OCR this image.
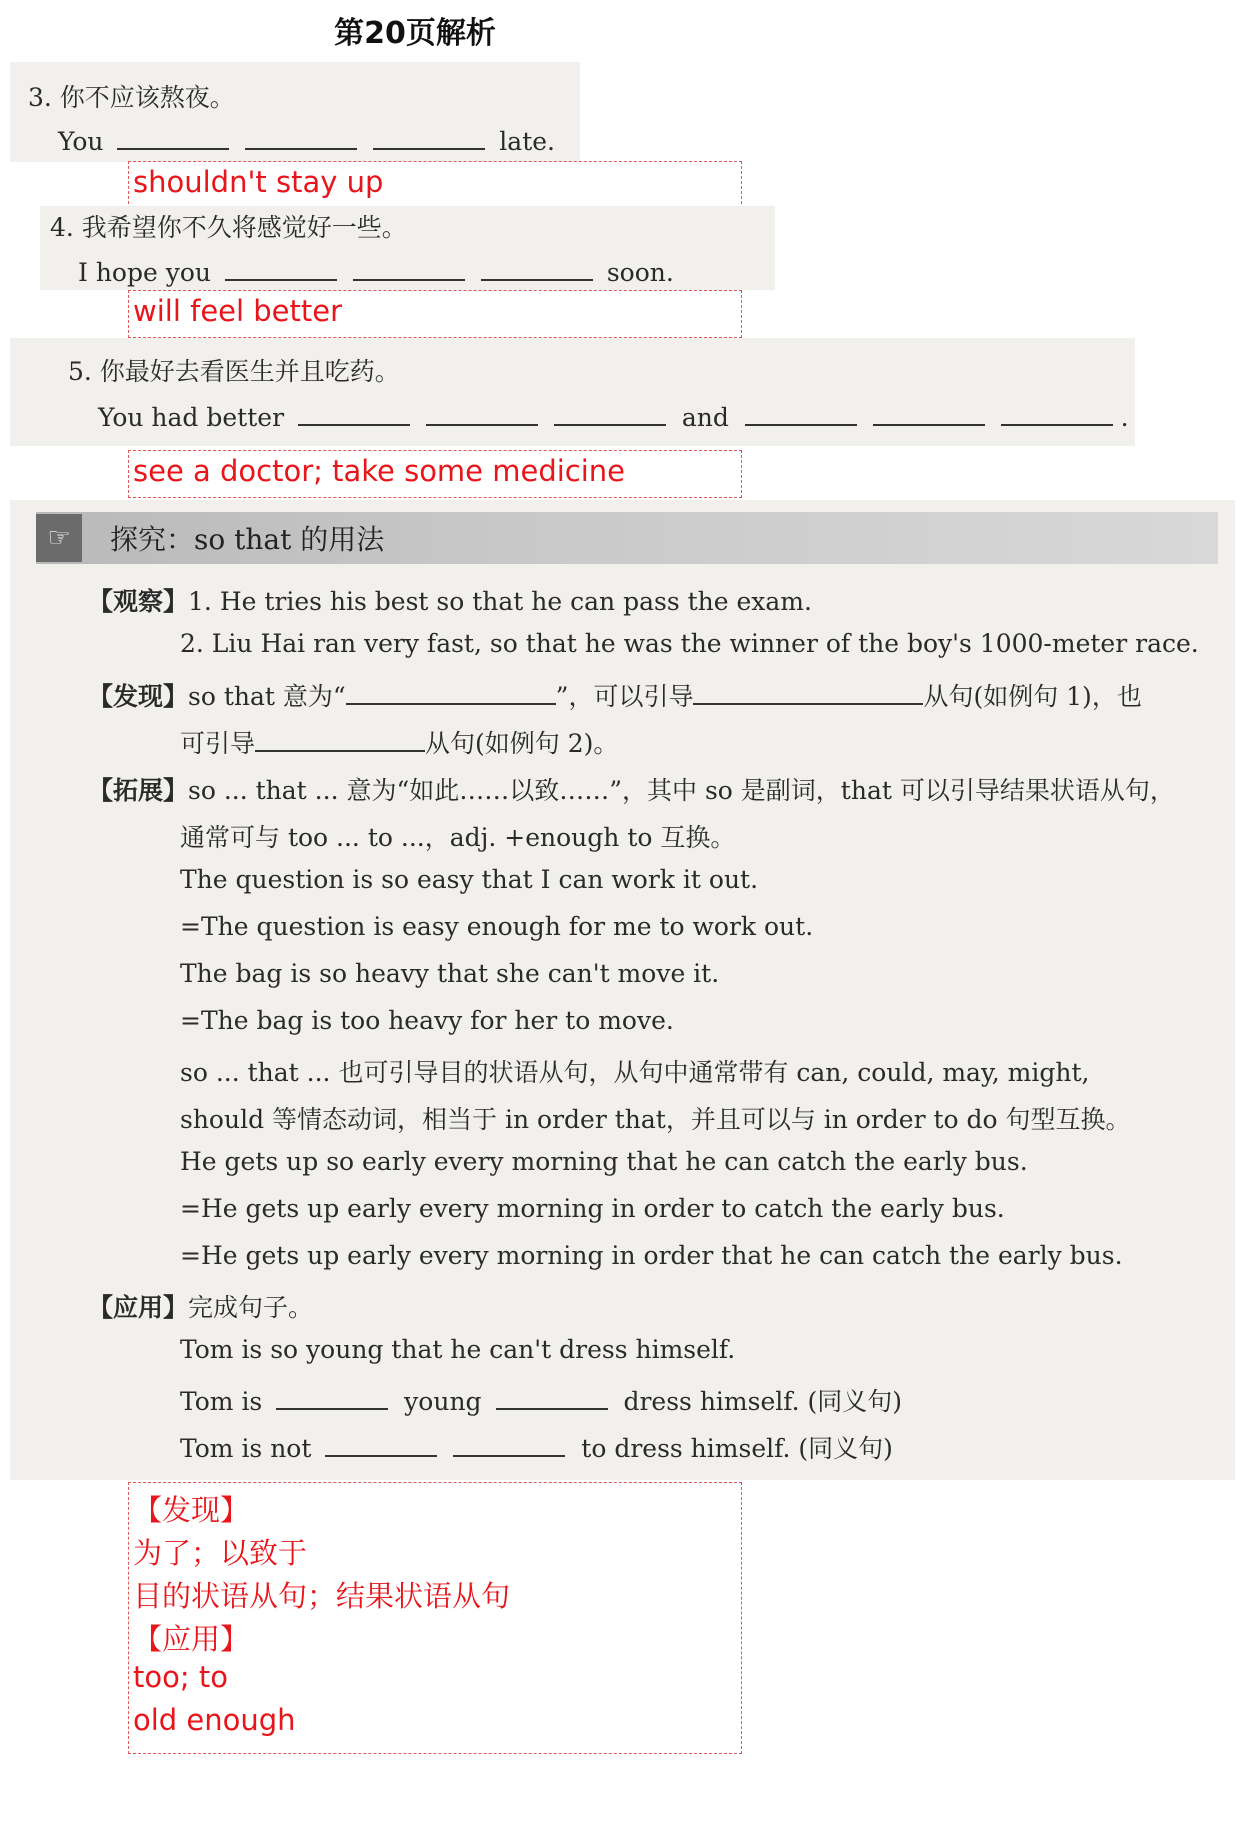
第20页解析
3. 你不应该熬夜。
You	late.
shouldn't stay up
4. 我希望你不久将感觉好一些。
I hope you	soon.
will feel better
5. 你最好去看医生并且吃药。
You had better	and	.
see a doctor; take some medicine
☞	探究：so that 的用法
【观察】1. He tries his best so that he can pass the exam.
2. Liu Hai ran very fast, so that he was the winner of the boy's 1000-meter race.
【发现】so that 意为“	”，可以引导	从句(如例句 1)，也
可引导	从句(如例句 2)。
【拓展】so ... that ... 意为“如此……以致……”，其中 so 是副词，that 可以引导结果状语从句，
通常可与 too ... to ...，adj. +enough to 互换。
The question is so easy that I can work it out.
=The question is easy enough for me to work out.
The bag is so heavy that she can't move it.
=The bag is too heavy for her to move.
so ... that ... 也可引导目的状语从句，从句中通常带有 can, could, may, might,
should 等情态动词，相当于 in order that，并且可以与 in order to do 句型互换。
He gets up so early every morning that he can catch the early bus.
=He gets up early every morning in order to catch the early bus.
=He gets up early every morning in order that he can catch the early bus.
【应用】完成句子。
Tom is so young that he can't dress himself.
Tom is	young	dress himself. (同义句)
Tom is not	to dress himself. (同义句)
【发现】
为了；以致于
目的状语从句；结果状语从句
【应用】
too; to
old enough
